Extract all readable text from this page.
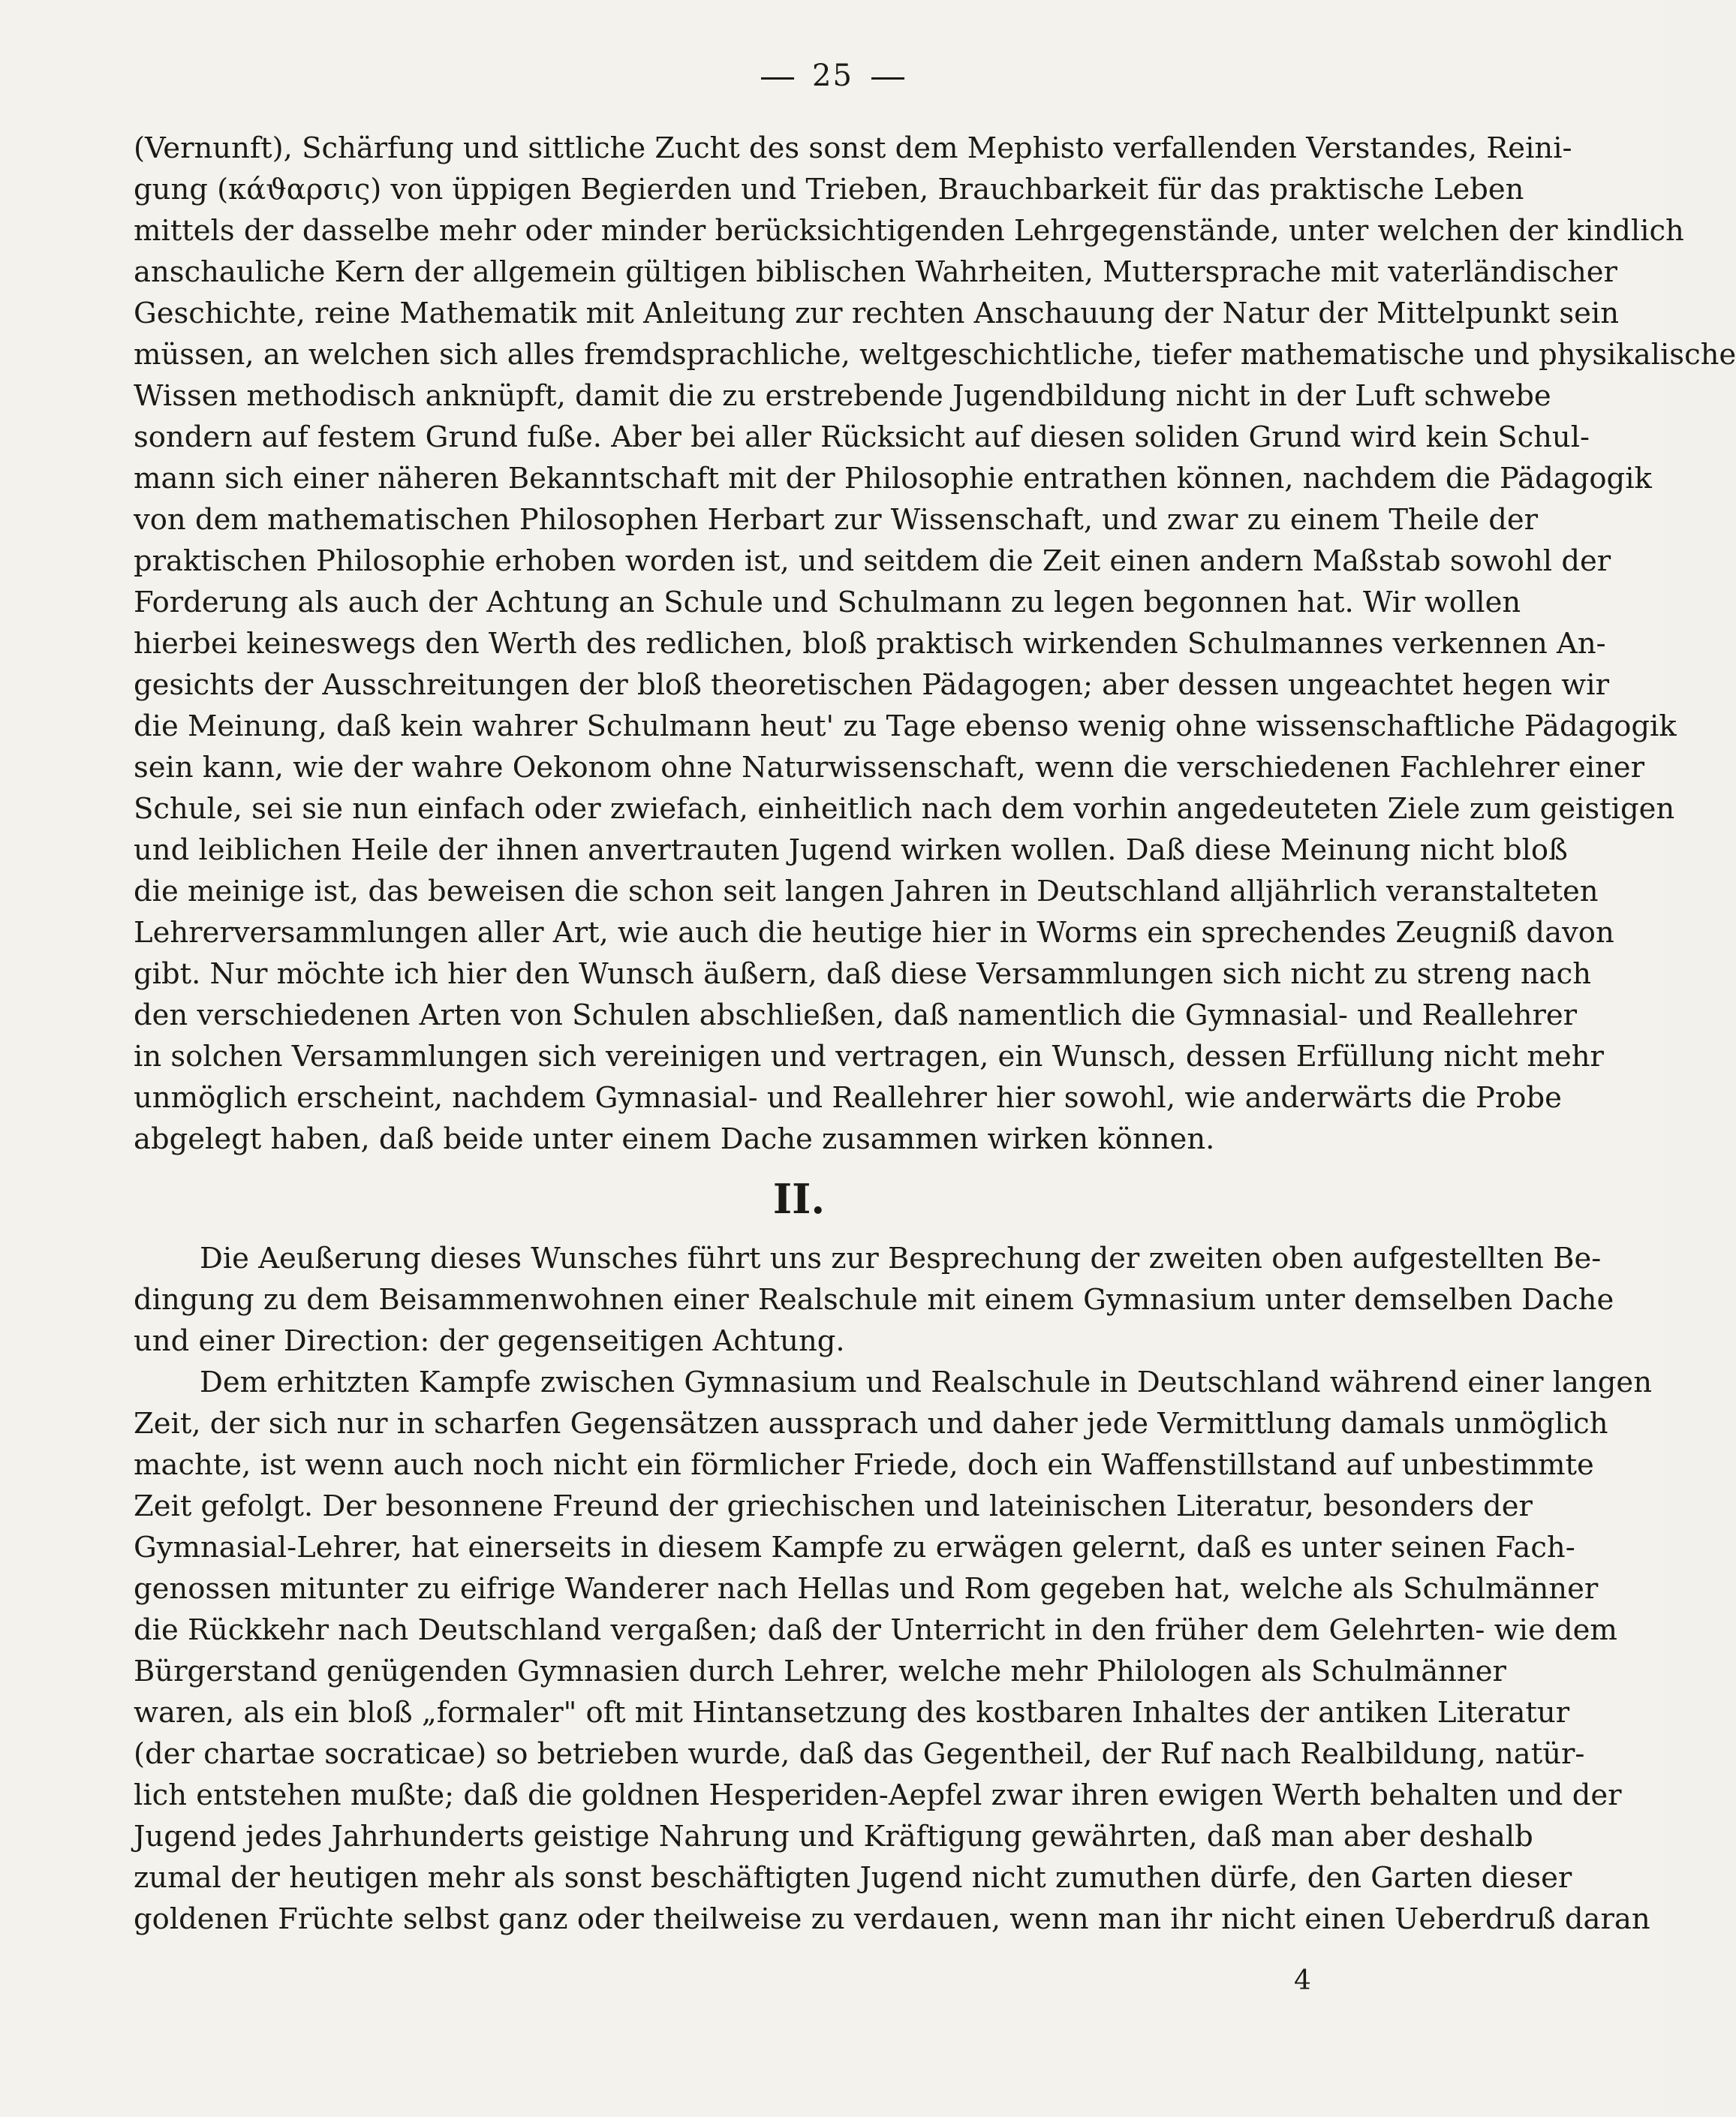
25
(Vernunft), Schärfung und sittliche Zucht des sonst dem Mephisto verfallenden Verstandes, Reini-
gung (κάϑαρσις) von üppigen Begierden und Trieben, Brauchbarkeit für das praktische Leben
mittels der dasselbe mehr oder minder berücksichtigenden Lehrgegenstände, unter welchen der kindlich
anschauliche Kern der allgemein gültigen biblischen Wahrheiten, Muttersprache mit vaterländischer
Geschichte, reine Mathematik mit Anleitung zur rechten Anschauung der Natur der Mittelpunkt sein
müssen, an welchen sich alles fremdsprachliche, weltgeschichtliche, tiefer mathematische und physikalische
Wissen methodisch anknüpft, damit die zu erstrebende Jugendbildung nicht in der Luft schwebe
sondern auf festem Grund fuße. Aber bei aller Rücksicht auf diesen soliden Grund wird kein Schul-
mann sich einer näheren Bekanntschaft mit der Philosophie entrathen können, nachdem die Pädagogik
von dem mathematischen Philosophen Herbart zur Wissenschaft, und zwar zu einem Theile der
praktischen Philosophie erhoben worden ist, und seitdem die Zeit einen andern Maßstab sowohl der
Forderung als auch der Achtung an Schule und Schulmann zu legen begonnen hat. Wir wollen
hierbei keineswegs den Werth des redlichen, bloß praktisch wirkenden Schulmannes verkennen An-
gesichts der Ausschreitungen der bloß theoretischen Pädagogen; aber dessen ungeachtet hegen wir
die Meinung, daß kein wahrer Schulmann heut' zu Tage ebenso wenig ohne wissenschaftliche Pädagogik
sein kann, wie der wahre Oekonom ohne Naturwissenschaft, wenn die verschiedenen Fachlehrer einer
Schule, sei sie nun einfach oder zwiefach, einheitlich nach dem vorhin angedeuteten Ziele zum geistigen
und leiblichen Heile der ihnen anvertrauten Jugend wirken wollen. Daß diese Meinung nicht bloß
die meinige ist, das beweisen die schon seit langen Jahren in Deutschland alljährlich veranstalteten
Lehrerversammlungen aller Art, wie auch die heutige hier in Worms ein sprechendes Zeugniß davon
gibt. Nur möchte ich hier den Wunsch äußern, daß diese Versammlungen sich nicht zu streng nach
den verschiedenen Arten von Schulen abschließen, daß namentlich die Gymnasial- und Reallehrer
in solchen Versammlungen sich vereinigen und vertragen, ein Wunsch, dessen Erfüllung nicht mehr
unmöglich erscheint, nachdem Gymnasial- und Reallehrer hier sowohl, wie anderwärts die Probe
abgelegt haben, daß beide unter einem Dache zusammen wirken können.
II.
Die Aeußerung dieses Wunsches führt uns zur Besprechung der zweiten oben aufgestellten Be-
dingung zu dem Beisammenwohnen einer Realschule mit einem Gymnasium unter demselben Dache
und einer Direction: der gegenseitigen Achtung.
Dem erhitzten Kampfe zwischen Gymnasium und Realschule in Deutschland während einer langen
Zeit, der sich nur in scharfen Gegensätzen aussprach und daher jede Vermittlung damals unmöglich
machte, ist wenn auch noch nicht ein förmlicher Friede, doch ein Waffenstillstand auf unbestimmte
Zeit gefolgt. Der besonnene Freund der griechischen und lateinischen Literatur, besonders der
Gymnasial-Lehrer, hat einerseits in diesem Kampfe zu erwägen gelernt, daß es unter seinen Fach-
genossen mitunter zu eifrige Wanderer nach Hellas und Rom gegeben hat, welche als Schulmänner
die Rückkehr nach Deutschland vergaßen; daß der Unterricht in den früher dem Gelehrten- wie dem
Bürgerstand genügenden Gymnasien durch Lehrer, welche mehr Philologen als Schulmänner
waren, als ein bloß „formaler" oft mit Hintansetzung des kostbaren Inhaltes der antiken Literatur
(der chartae socraticae) so betrieben wurde, daß das Gegentheil, der Ruf nach Realbildung, natür-
lich entstehen mußte; daß die goldnen Hesperiden-Aepfel zwar ihren ewigen Werth behalten und der
Jugend jedes Jahrhunderts geistige Nahrung und Kräftigung gewährten, daß man aber deshalb
zumal der heutigen mehr als sonst beschäftigten Jugend nicht zumuthen dürfe, den Garten dieser
goldenen Früchte selbst ganz oder theilweise zu verdauen, wenn man ihr nicht einen Ueberdruß daran
4
